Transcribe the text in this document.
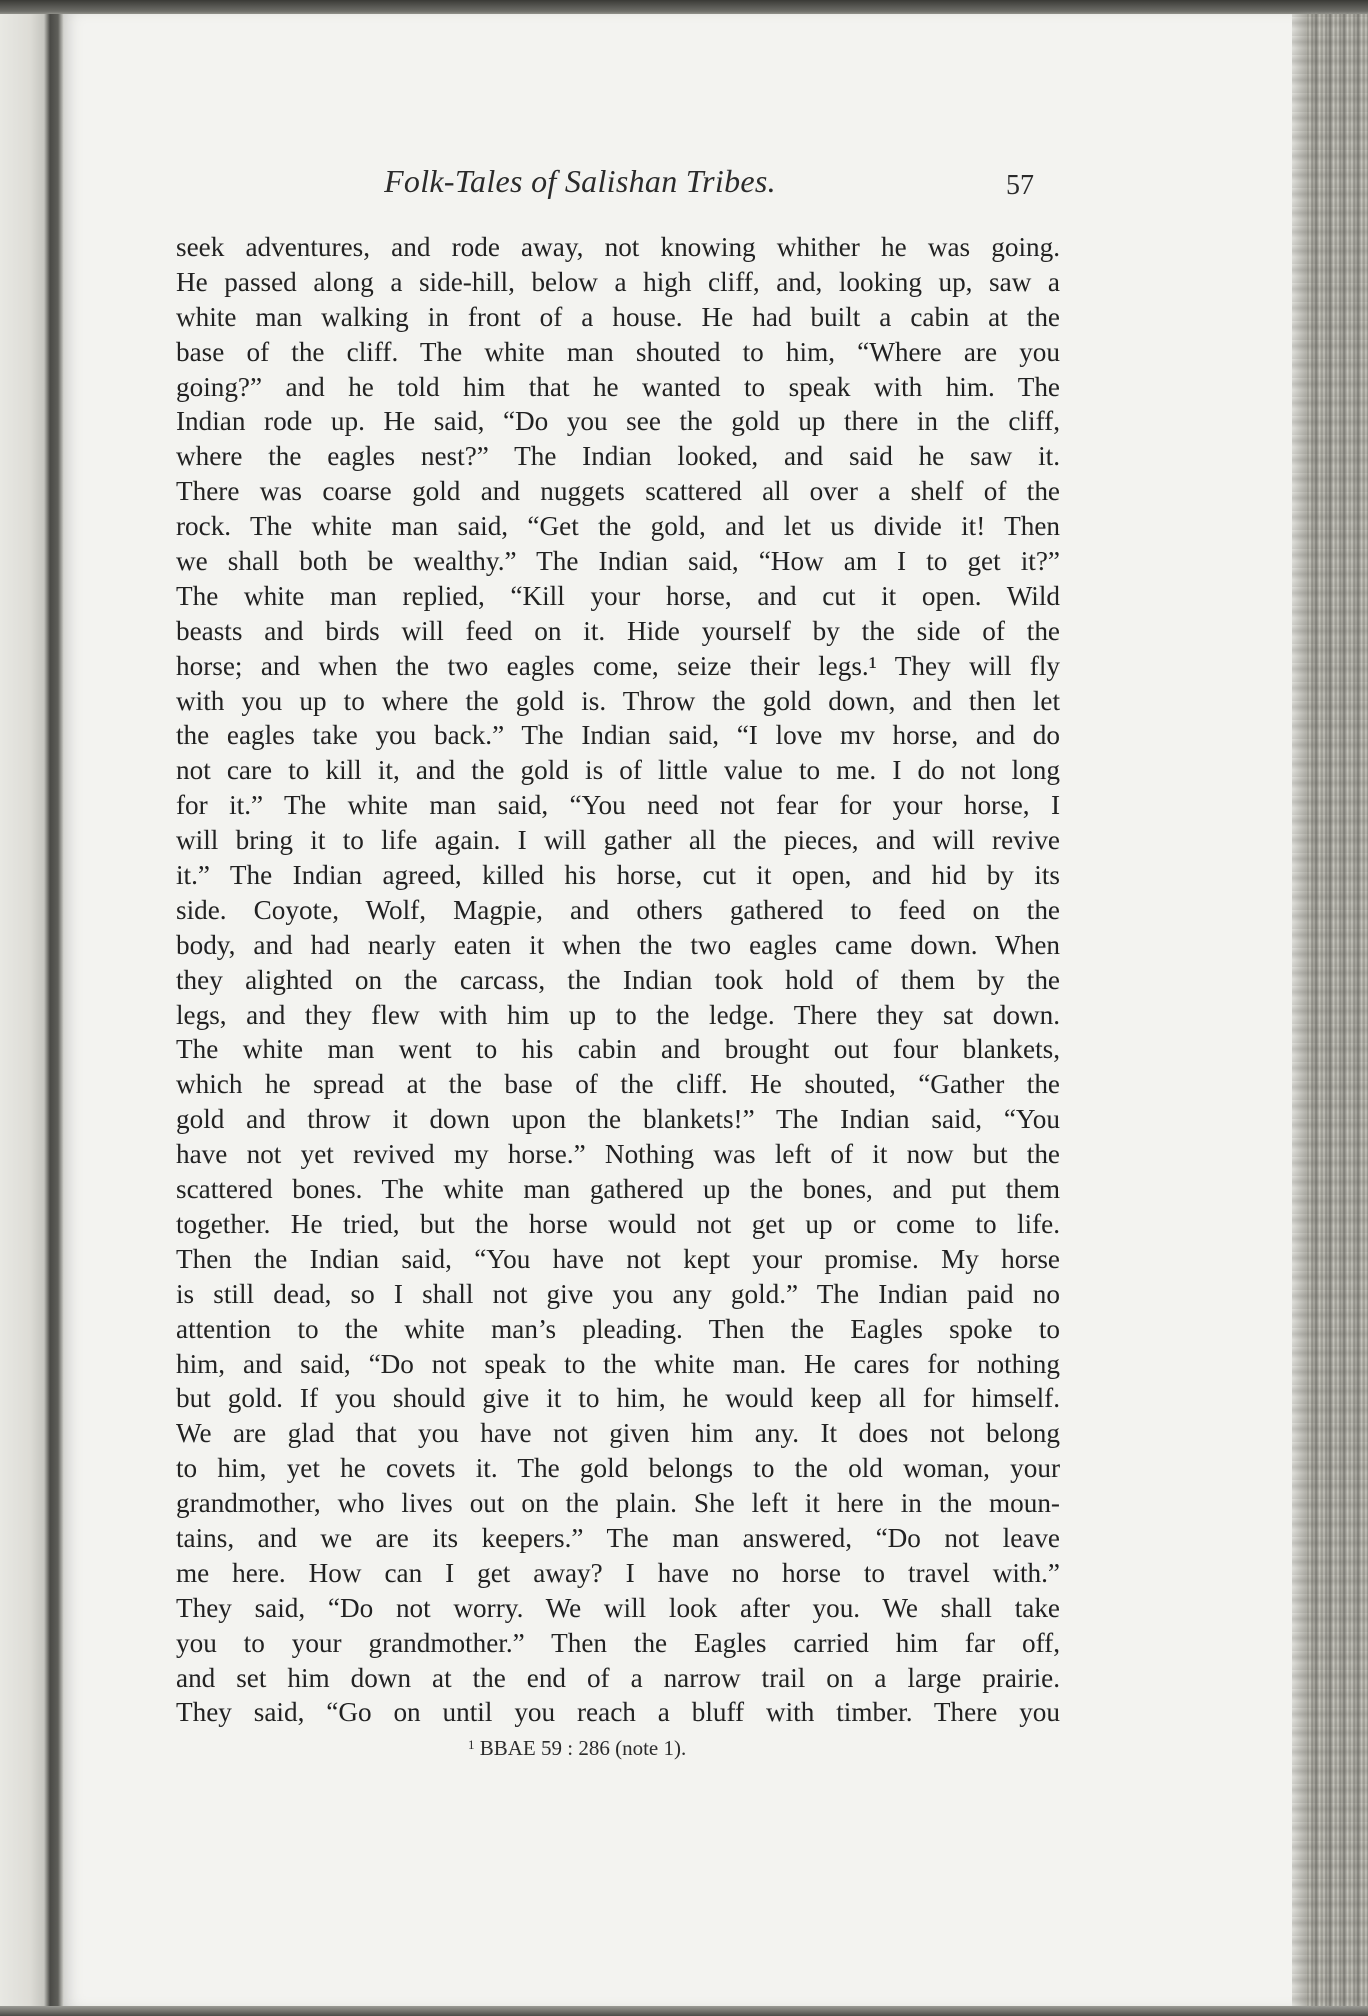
Folk-Tales of Salishan Tribes.	57
seek adventures, and rode away, not knowing whither he was going.
He passed along a side-hill, below a high cliff, and, looking up, saw a
white man walking in front of a house. He had built a cabin at the
base of the cliff. The white man shouted to him, “Where are you
going?” and he told him that he wanted to speak with him. The
Indian rode up. He said, “Do you see the gold up there in the cliff,
where the eagles nest?” The Indian looked, and said he saw it.
There was coarse gold and nuggets scattered all over a shelf of the
rock. The white man said, “Get the gold, and let us divide it! Then
we shall both be wealthy.” The Indian said, “How am I to get it?”
The white man replied, “Kill your horse, and cut it open. Wild
beasts and birds will feed on it. Hide yourself by the side of the
horse; and when the two eagles come, seize their legs.¹ They will fly
with you up to where the gold is. Throw the gold down, and then let
the eagles take you back.” The Indian said, “I love mv horse, and do
not care to kill it, and the gold is of little value to me. I do not long
for it.” The white man said, “You need not fear for your horse, I
will bring it to life again. I will gather all the pieces, and will revive
it.” The Indian agreed, killed his horse, cut it open, and hid by its
side. Coyote, Wolf, Magpie, and others gathered to feed on the
body, and had nearly eaten it when the two eagles came down. When
they alighted on the carcass, the Indian took hold of them by the
legs, and they flew with him up to the ledge. There they sat down.
The white man went to his cabin and brought out four blankets,
which he spread at the base of the cliff. He shouted, “Gather the
gold and throw it down upon the blankets!” The Indian said, “You
have not yet revived my horse.” Nothing was left of it now but the
scattered bones. The white man gathered up the bones, and put them
together. He tried, but the horse would not get up or come to life.
Then the Indian said, “You have not kept your promise. My horse
is still dead, so I shall not give you any gold.” The Indian paid no
attention to the white man’s pleading. Then the Eagles spoke to
him, and said, “Do not speak to the white man. He cares for nothing
but gold. If you should give it to him, he would keep all for himself.
We are glad that you have not given him any. It does not belong
to him, yet he covets it. The gold belongs to the old woman, your
grandmother, who lives out on the plain. She left it here in the moun-
tains, and we are its keepers.” The man answered, “Do not leave
me here. How can I get away? I have no horse to travel with.”
They said, “Do not worry. We will look after you. We shall take
you to your grandmother.” Then the Eagles carried him far off,
and set him down at the end of a narrow trail on a large prairie.
They said, “Go on until you reach a bluff with timber. There you
$^1$ BBAE 59 : 286 (note 1).
